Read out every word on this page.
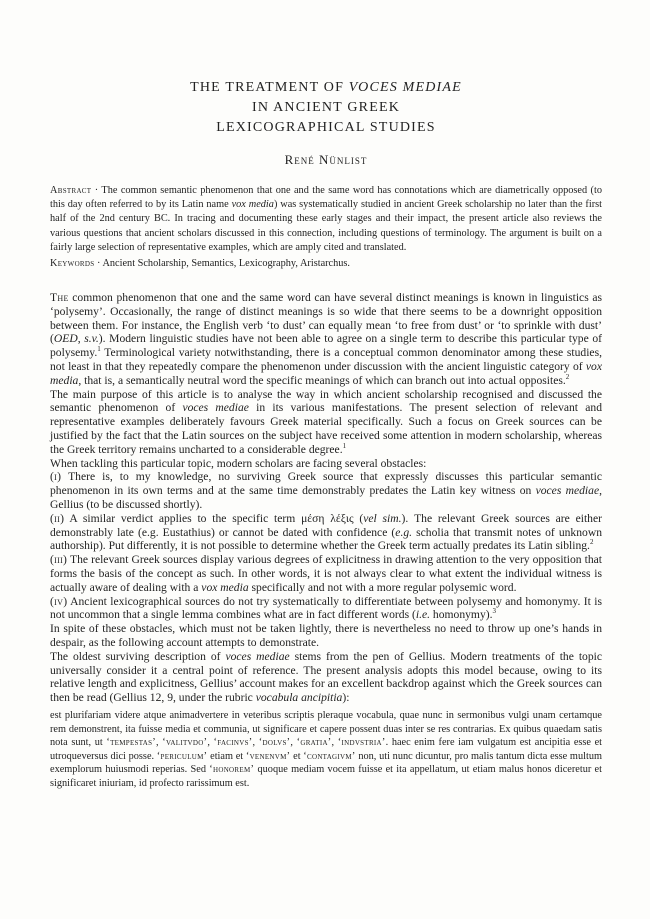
THE TREATMENT OF VOCES MEDIAE
IN ANCIENT GREEK
LEXICOGRAPHICAL STUDIES
René Nünlist

Abstract · The common semantic phenomenon that one and the same word has connotations which are diametrically opposed (to this day often referred to by its Latin name vox media) was systematically studied in ancient Greek scholarship no later than the first half of the 2nd century BC. In tracing and documenting these early stages and their impact, the present article also reviews the various questions that ancient scholars discussed in this connection, including questions of terminology. The argument is built on a fairly large selection of representative examples, which are amply cited and translated.

Keywords · Ancient Scholarship, Semantics, Lexicography, Aristarchus.

The common phenomenon that one and the same word can have several distinct meanings is known in linguistics as ‘polysemy’. Occasionally, the range of distinct meanings is so wide that there seems to be a downright opposition between them. For instance, the English verb ‘to dust’ can equally mean ‘to free from dust’ or ‘to sprinkle with dust’ (OED, s.v.). Modern linguistic studies have not been able to agree on a single term to describe this particular type of polysemy.$^1$ Terminological variety notwithstanding, there is a conceptual common denominator among these studies, not least in that they repeatedly compare the phenomenon under discussion with the ancient linguistic category of vox media, that is, a semantically neutral word the specific meanings of which can branch out into actual opposites.$^2$

The main purpose of this article is to analyse the way in which ancient scholarship recognised and discussed the semantic phenomenon of voces mediae in its various manifestations. The present selection of relevant and representative examples deliberately favours Greek material specifically. Such a focus on Greek sources can be justified by the fact that the Latin sources on the subject have received some attention in modern scholarship, whereas the Greek territory remains uncharted to a considerable degree.$^1$

When tackling this particular topic, modern scholars are facing several obstacles:

(i) There is, to my knowledge, no surviving Greek source that expressly discusses this particular semantic phenomenon in its own terms and at the same time demonstrably predates the Latin key witness on voces mediae, Gellius (to be discussed shortly).

(ii) A similar verdict applies to the specific term μέση λέξις (vel sim.). The relevant Greek sources are either demonstrably late (e.g. Eustathius) or cannot be dated with confidence (e.g. scholia that transmit notes of unknown authorship). Put differently, it is not possible to determine whether the Greek term actually predates its Latin sibling.$^2$

(iii) The relevant Greek sources display various degrees of explicitness in drawing attention to the very opposition that forms the basis of the concept as such. In other words, it is not always clear to what extent the individual witness is actually aware of dealing with a vox media specifically and not with a more regular polysemic word.

(iv) Ancient lexicographical sources do not try systematically to differentiate between polysemy and homonymy. It is not uncommon that a single lemma combines what are in fact different words (i.e. homonymy).$^3$

In spite of these obstacles, which must not be taken lightly, there is nevertheless no need to throw up one’s hands in despair, as the following account attempts to demonstrate.

The oldest surviving description of voces mediae stems from the pen of Gellius. Modern treatments of the topic universally consider it a central point of reference. The present analysis adopts this model because, owing to its relative length and explicitness, Gellius’ account makes for an excellent backdrop against which the Greek sources can then be read (Gellius 12, 9, under the rubric vocabula ancipitia):

est plurifariam videre atque animadvertere in veteribus scriptis pleraque vocabula, quae nunc in sermonibus vulgi unam certamque rem demonstrent, ita fuisse media et communia, ut significare et capere possent duas inter se res contrarias. Ex quibus quaedam satis nota sunt, ut ‘tempestas’, ‘valitvdo’, ‘facinvs’, ‘dolvs’, ‘gratia’, ‘indvstria’. haec enim fere iam vulgatum est ancipitia esse et utroqueversus dici posse. ‘periculum’ etiam et ‘venenvm’ et ‘contagivm’ non, uti nunc dicuntur, pro malis tantum dicta esse multum exemplorum huiusmodi reperias. Sed ‘honorem’ quoque mediam vocem fuisse et ita appellatum, ut etiam malus honos diceretur et significaret iniuriam, id profecto rarissimum est.
